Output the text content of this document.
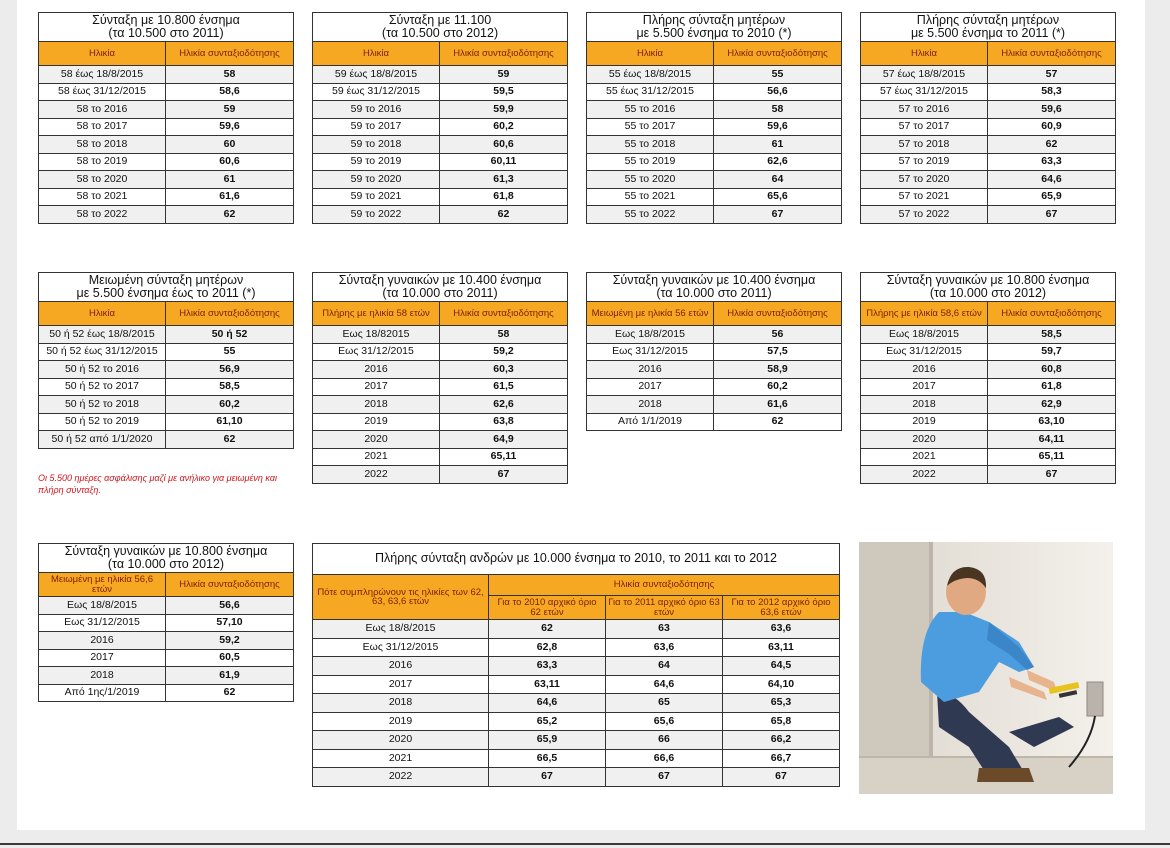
Σύνταξη με 10.800 ένσημα
(τα 10.500 στο 2011)	
Ηλικία	Ηλικία συνταξιοδότησης
58 έως 18/8/2015	58
58 έως 31/12/2015	58,6
58 το 2016	59
58 το 2017	59,6
58 το 2018	60
58 το 2019	60,6
58 το 2020	61
58 το 2021	61,6
58 το 2022	62
Σύνταξη με 11.100
(τα 10.500 στο 2012)	
Ηλικία	Ηλικία συνταξιοδότησης
59 έως 18/8/2015	59
59 έως 31/12/2015	59,5
59 το 2016	59,9
59 το 2017	60,2
59 το 2018	60,6
59 το 2019	60,11
59 το 2020	61,3
59 το 2021	61,8
59 το 2022	62
Πλήρης σύνταξη μητέρων
με 5.500 ένσημα το 2010 (*)	
Ηλικία	Ηλικία συνταξιοδότησης
55 έως 18/8/2015	55
55 έως 31/12/2015	56,6
55 το 2016	58
55 το 2017	59,6
55 το 2018	61
55 το 2019	62,6
55 το 2020	64
55 το 2021	65,6
55 το 2022	67
Πλήρης σύνταξη μητέρων
με 5.500 ένσημα το 2011 (*)	
Ηλικία	Ηλικία συνταξιοδότησης
57 έως 18/8/2015	57
57 έως 31/12/2015	58,3
57 το 2016	59,6
57 το 2017	60,9
57 το 2018	62
57 το 2019	63,3
57 το 2020	64,6
57 το 2021	65,9
57 το 2022	67
Μειωμένη σύνταξη μητέρων
με 5.500 ένσημα έως το 2011 (*)	
Ηλικία	Ηλικία συνταξιοδότησης
50 ή 52 έως 18/8/2015	50 ή 52
50 ή 52 έως 31/12/2015	55
50 ή 52 το 2016	56,9
50 ή 52 το 2017	58,5
50 ή 52 το 2018	60,2
50 ή 52 το 2019	61,10
50 ή 52 από 1/1/2020	62
Οι 5.500 ημέρες ασφάλισης μαζί με ανήλικο για μειωμένη και πλήρη σύνταξη.
Σύνταξη γυναικών με 10.400 ένσημα
(τα 10.000 στο 2011)	
Πλήρης με ηλικία 58 ετών	Ηλικία συνταξιοδότησης
Εως 18/82015	58
Εως 31/12/2015	59,2
2016	60,3
2017	61,5
2018	62,6
2019	63,8
2020	64,9
2021	65,11
2022	67
Σύνταξη γυναικών με 10.400 ένσημα
(τα 10.000 στο 2011)	
Μειωμένη με ηλικία 56 ετών	Ηλικία συνταξιοδότησης
Εως 18/8/2015	56
Εως 31/12/2015	57,5
2016	58,9
2017	60,2
2018	61,6
Από 1/1/2019	62
Σύνταξη γυναικών με 10.800 ένσημα
(τα 10.000 στο 2012)	
Πλήρης με ηλικία 58,6 ετών	Ηλικία συνταξιοδότησης
Εως 18/8/2015	58,5
Εως 31/12/2015	59,7
2016	60,8
2017	61,8
2018	62,9
2019	63,10
2020	64,11
2021	65,11
2022	67
Σύνταξη γυναικών με 10.800 ένσημα
(τα 10.000 στο 2012)	
Μειωμένη με ηλικία 56,6 ετών	Ηλικία συνταξιοδότησης
Εως 18/8/2015	56,6
Εως 31/12/2015	57,10
2016	59,2
2017	60,5
2018	61,9
Από 1ης/1/2019	62
Πλήρης σύνταξη ανδρών με 10.000 ένσημα το 2010, το 2011 και το 2012			
Πότε συμπληρώνουν τις ηλικίες των 62, 63, 63,6 ετών	Ηλικία συνταξιοδότησης		
	Για το 2010 αρχικό όριο 62 ετών	Για το 2011 αρχικό όριο 63 ετών	Για το 2012 αρχικό όριο 63,6 ετών
Εως 18/8/2015	62	63	63,6
Εως 31/12/2015	62,8	63,6	63,11
2016	63,3	64	64,5
2017	63,11	64,6	64,10
2018	64,6	65	65,3
2019	65,2	65,6	65,8
2020	65,9	66	66,2
2021	66,5	66,6	66,7
2022	67	67	67
